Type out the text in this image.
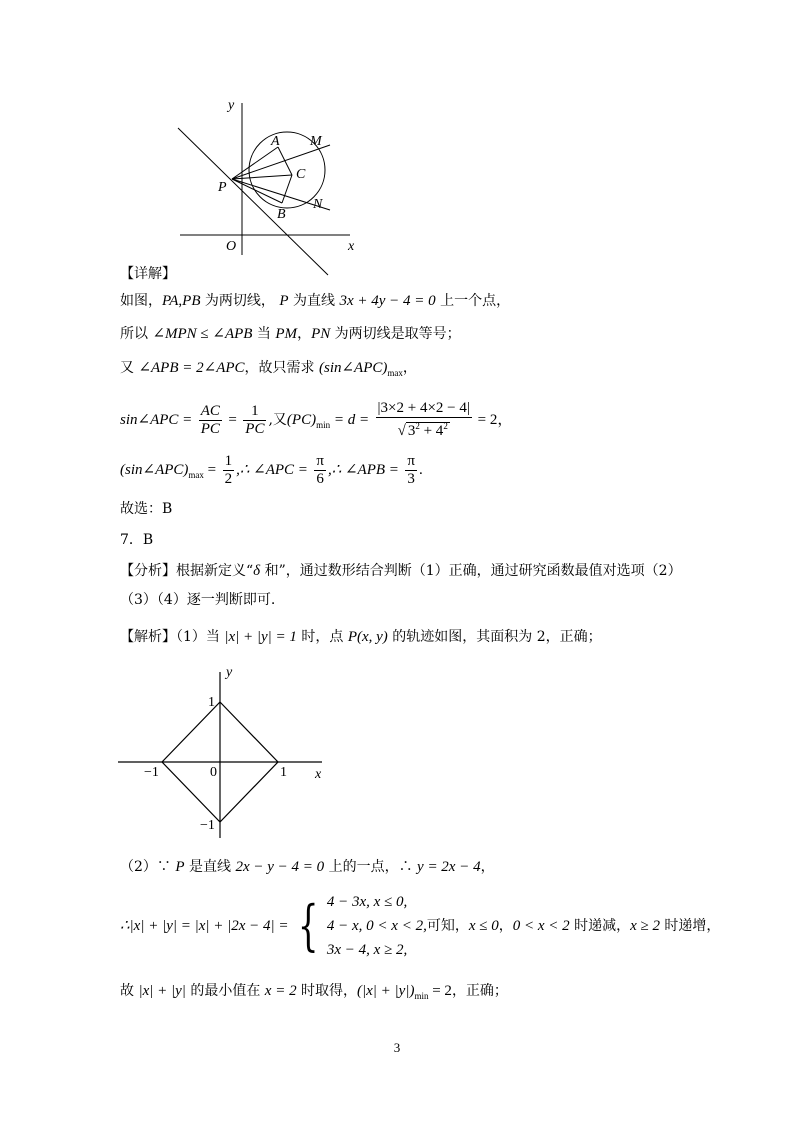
y
x
O
P
A M
C
B
N
【详解】
如图，PA,PB 为两切线， P 为直线 3x + 4y − 4 = 0 上一个点，
所以 ∠MPN ≤ ∠APB 当 PM，PN 为两切线是取等号；
又 ∠APB = 2∠APC，故只需求 $(\sin\angle APC)_{max}$，
sin∠APC = $\frac{AC}{PC} = \frac{1}{PC}$ ,又$(PC)_{min} = d = \frac{|3\times 2 + 4\times 2 - 4|}{√ 3^2 + 4^2} = 2$，
$(\sin\angle APC)_{max} = \frac{1}{2}$ ,∴ ∠APC = $\frac{\pi}{6}$ ,∴ ∠APB = $\frac{\pi}{3}$ .
故选：B
7．B
【分析】根据新定义“δ 和”，通过数形结合判断（1）正确，通过研究函数最值对选项（2）
（3）（4）逐一判断即可.
【解析】（1）当 |x| + |y| = 1 时，点 P(x, y) 的轨迹如图，其面积为 2，正确；
y
x
1
−1
−1	1
0
（2）∵ P 是直线 2x − y − 4 = 0 上的一点，∴ y = 2x − 4，
∴|x| + |y| = |x| + |2x − 4| = { 4 − 3x, x ≤ 0,
4 − x, 0 < x < 2,
3x − 4, x ≥ 2,
可知，x ≤ 0，0 < x < 2 时递减，x ≥ 2 时递增，
故 |x| + |y| 的最小值在 x = 2 时取得，$(|x| + |y|)_{min} = 2$，正确；
3
